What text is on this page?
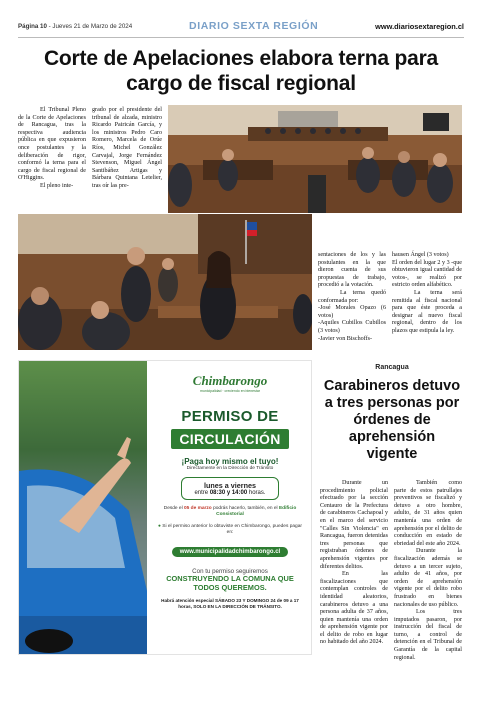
Página 10 - Jueves 21 de Marzo de 2024	DIARIO SEXTA REGIÓN	www.diariosextaregion.cl
Corte de Apelaciones elabora terna para cargo de fiscal regional

El Tribunal Pleno de la Corte de Apelaciones de Rancagua, tras la respectiva audiencia pública en que expusieron once postulantes y la deliberación de rigor, conformó la terna para el cargo de fiscal regional de O'Higgins.

El pleno inte-

grado por el presidente del tribunal de alzada, ministro Ricardo Pairicán García, y los ministros Pedro Caro Romero, Marcela de Orúe Ríos, Michel González Carvajal, Jorge Fernández Stevenson, Miguel Ángel Santibáñez Artigas y Bárbara Quintana Letelier, tras oír las pre-

sentaciones de los y las postulantes en la que dieron cuenta de sus propuestas de trabajo, procedió a la votación.

La terna quedó conformada por:

-José Morales Opazo (6 votos)

-Aquiles Cubillos Cubillos (3 votos)

-Javier von Bischoffs-

hausen Ángel (3 votos)

El orden del lugar 2 y 3 -que obtuvieron igual cantidad de votos-, se realizó por estricto orden alfabético.

La terna será remitida al fiscal nacional para que éste proceda a designar al nuevo fiscal regional, dentro de los plazos que estipula la ley.

Chimbarongo
municipalidad · creciendo en bienestar
PERMISO DE
CIRCULACIÓN
¡Paga hoy mismo el tuyo!
Directamente en la Dirección de Tránsito
lunes a viernes
entre 08:30 y 14:00 horas.
Desde el 05 de marzo podrás hacerlo, también, en el Edificio Consistorial
● Si el permiso anterior lo obtuviste en Chimbarongo, puedes pagar en:
www.municipalidadchimbarongo.cl
Con tu permiso seguiremos
CONSTRUYENDO LA COMUNA QUE TODOS QUEREMOS.
Habrá atención especial SÁBADO 23 Y DOMINGO 24 de 09 a 17 horas, SOLO EN LA DIRECCIÓN DE TRÁNSITO.
Rancagua
Carabineros detuvo a tres personas por órdenes de aprehensión vigente

Durante un procedimiento policial efectuado por la sección Centauro de la Prefectura de carabineros Cachapoal y en el marco del servicio "Calles Sin Violencia" en Rancagua, fueron detenidas tres personas que registraban órdenes de aprehensión vigentes por diferentes delitos.

En las fiscalizaciones que contemplan controles de identidad aleatorios, carabineros detuvo a una persona adulta de 37 años, quien mantenía una orden de aprehensión vigente por el delito de robo en lugar no habitado del año 2024.

También como parte de estos patrullajes preventivos se fiscalizó y detuvo a otro hombre, adulto, de 31 años quien mantenía una orden de aprehensión por el delito de conducción en estado de ebriedad del este año 2024.

Durante la fiscalización además se detuvo a un tercer sujeto, adulto de 41 años, por orden de aprehensión vigente por el delito robo frustrado en bienes nacionales de uso público.

Los tres imputados pasaron, por instrucción del fiscal de turno, a control de detención en el Tribunal de Garantía de la capital regional.
